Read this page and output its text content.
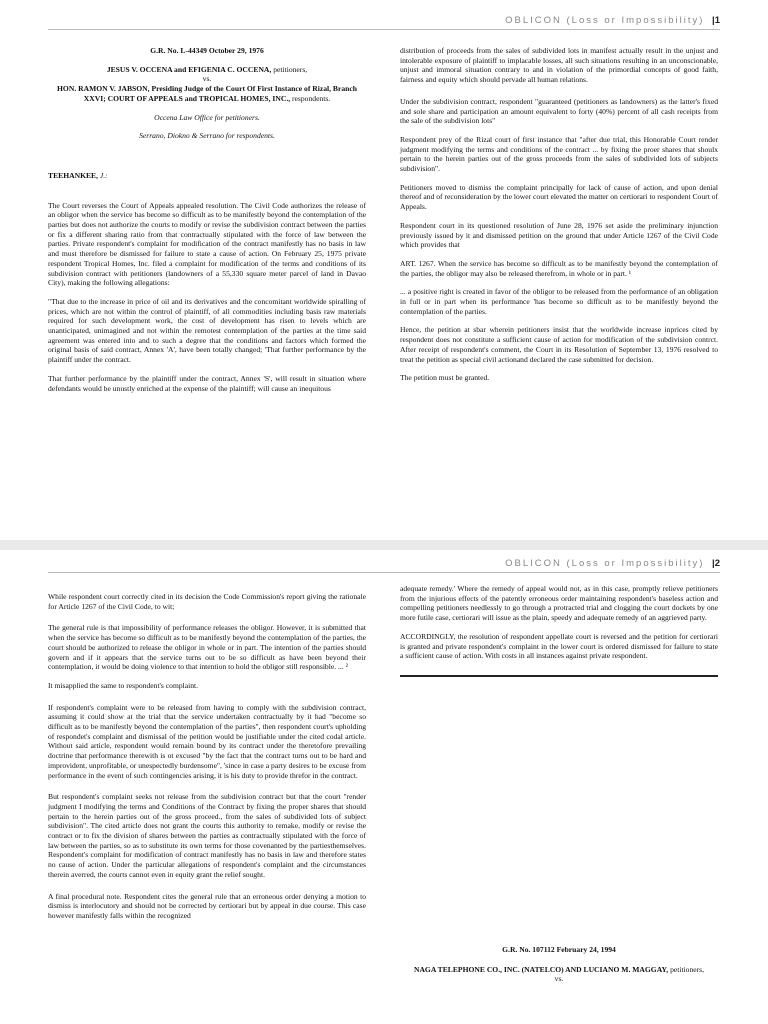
OBLICON (Loss or Impossibility) |1

G.R. No. L-44349 October 29, 1976

JESUS V. OCCENA and EFIGENIA C. OCCENA, petitioners,

vs.

HON. RAMON V. JABSON, Presiding Judge of the Court Of First Instance of Rizal, Branch XXVI; COURT OF APPEALS and TROPICAL HOMES, INC., respondents.

Occena Law Office for petitioners.

Serrano, Diokno & Serrano for respondents.

TEEHANKEE, J.:

The Court reverses the Court of Appeals appealed resolution. The Civil Code authorizes the release of an obligor when the service has become so difficult as to be manifestly beyond the contemplation of the parties but does not authorize the courts to modify or revise the subdivision contract between the parties or fix a different sharing ratio from that contractually stipulated with the force of law between the parties. Private respondent's complaint for modification of the contract manifestly has no basis in law and must therefore be dismissed for failure to state a cause of action. On February 25, 1975 private respondent Tropical Homes, Inc. filed a complaint for modification of the terms and conditions of its subdivision contract with petitioners (landowners of a 55,330 square meter parcel of land in Davao City), making the following allegations:

"That due to the increase in price of oil and its derivatives and the concomitant worldwide spiralling of prices, which are not within the control of plaintiff, of all commodities including basis raw materials required for such development work, the cost of development has risen to levels which are unanticipated, unimagined and not within the remotest contemplation of the parties at the time said agreement was entered into and to such a degree that the conditions and factors which formed the original basis of said contract, Annex 'A', have been totally changed; 'That further performance by the plaintiff under the contract.

That further performance by the plaintiff under the contract, Annex 'S', will result in situation where defendants would be unustly enriched at the expense of the plaintiff; will cause an inequitous

distribution of proceeds from the sales of subdivided lots in manifest actually result in the unjust and intolerable exposure of plaintiff to implacable losses, all such situations resulting in an unconscionable, unjust and immoral situation contrary to and in violation of the primordial concepts of good faith, fairness and equity which should pervade all human relations.

Under the subdivision contract, respondent "guaranteed (petitioners as landowners) as the latter's fixed and sole share and participation an amount equivalent to forty (40%) percent of all cash receipts from the sale of the subdivision lots"

Respondent prey of the Rizal court of first instance that "after due trial, this Honorable Court render judgment modifying the terms and conditions of the contract ... by fixing the proer shares that shoulx pertain to the herein parties out of the gross proceeds from the sales of subdivided lots of subjects subdivision".

Petitioners moved to dismiss the complaint principally for lack of cause of action, and upon denial thereof and of reconsideration by the lower court elevated the matter on certiorari to respondent Court of Appeals.

Respondent court in its questioned resolution of June 28, 1976 set aside the preliminary injunction previously issued by it and dismissed petition on the ground that under Article 1267 of the Civil Code which provides that

ART. 1267. When the service has become so difficult as to be manifestly beyond the contemplation of the parties, the obligor may also be released therefrom, in whole or in part. ¹

... a positive right is created in favor of the obligor to be released from the performance of an obligation in full or in part when its performance 'has become so difficult as to be manifestly beyond the contemplation of the parties.

Hence, the petition at sbar wherein petitioners insist that the worldwide increase inprices cited by respondent does not constitute a sufficient cause of action for modification of the subdivision contrct. After receipt of respondent's comment, the Court in its Resolution of September 13, 1976 resolved to treat the petition as special civil actionand declared the case submitted for decision.

The petition must be granted.

OBLICON (Loss or Impossibility) |2

While respondent court correctly cited in its decision the Code Commission's report giving the rationale for Article 1267 of the Civil Code, to wit;

The general rule is that impossibility of performance releases the obligor. However, it is submitted that when the service has become so difficult as to be manifestly beyond the contemplation of the parties, the court should be authorized to release the obligor in whole or in part. The intention of the parties should govern and if it appears that the service turns out to be so difficult as have been beyond their contemplation, it would be doing violence to that intention to hold the obligor still responsible. ... ²

It misapplied the same to respondent's complaint.

If respondent's complaint were to be released from having to comply with the subdivision contract, assuming it could show at the trial that the service undertaken contractually by it had "become so difficult as to be manifestly beyond the contemplation of the parties", then respondent court's upholding of respondet's complaint and dismissal of the petition would be justifiable under the cited codal article. Without said article, respondent would remain bound by its contract under the theretofore prevailing doctrine that performance therewith is ot excused "by the fact that the contract turns out to be hard and improvident, unprofitable, or unespectedly burdensome", 'since in case a party desires to be excuse from performance in the event of such contingencies arising, it is his duty to provide threfor in the contract.

But respondent's complaint seeks not release from the subdivision contract but that the court "render judgment I modifying the terms and Conditions of the Contract by fixing the proper shares that should pertain to the herein parties out of the gross proceed., from the sales of subdivided lots of subject subdivision". The cited article does not grant the courts this authority to remake, modify or revise the contract or to fix the division of shares between the parties as contractually stipulated with the force of law between the parties, so as to substitute its own terms for those covenanted by the partiesthemselves. Respondent's complaint for modification of contract manifestly has no basis in law and therefore states no cause of action. Under the particular allegations of respondent's complaint and the circumstances therein averred, the courts cannot even in equity grant the relief sought.

A final procedural note. Respondent cites the general rule that an erroneous order denying a motion to dismiss is interlocutory and should not be corrected by certiorari but by appeal in due course. This case however manifestly falls within the recognized

adequate remedy.' Where the remedy of appeal would not, as in this case, promptly relieve petitioners from the injurious effects of the patently erroneous order maintaining respondent's baseless action and compelling petitioners needlessly to go through a protracted trial and clogging the court dockets by one more futile case, certiorari will issue as the plain, speedy and adequate remedy of an aggrieved party.

ACCORDINGLY, the resolution of respondent appellate court is reversed and the petition for certiorari is granted and private respondent's complaint in the lower court is ordered dismissed for failure to state a sufficient cause of action. With costs in all instances against private respondent.

G.R. No. 107112 February 24, 1994

NAGA TELEPHONE CO., INC. (NATELCO) AND LUCIANO M. MAGGAY, petitioners,

vs.
